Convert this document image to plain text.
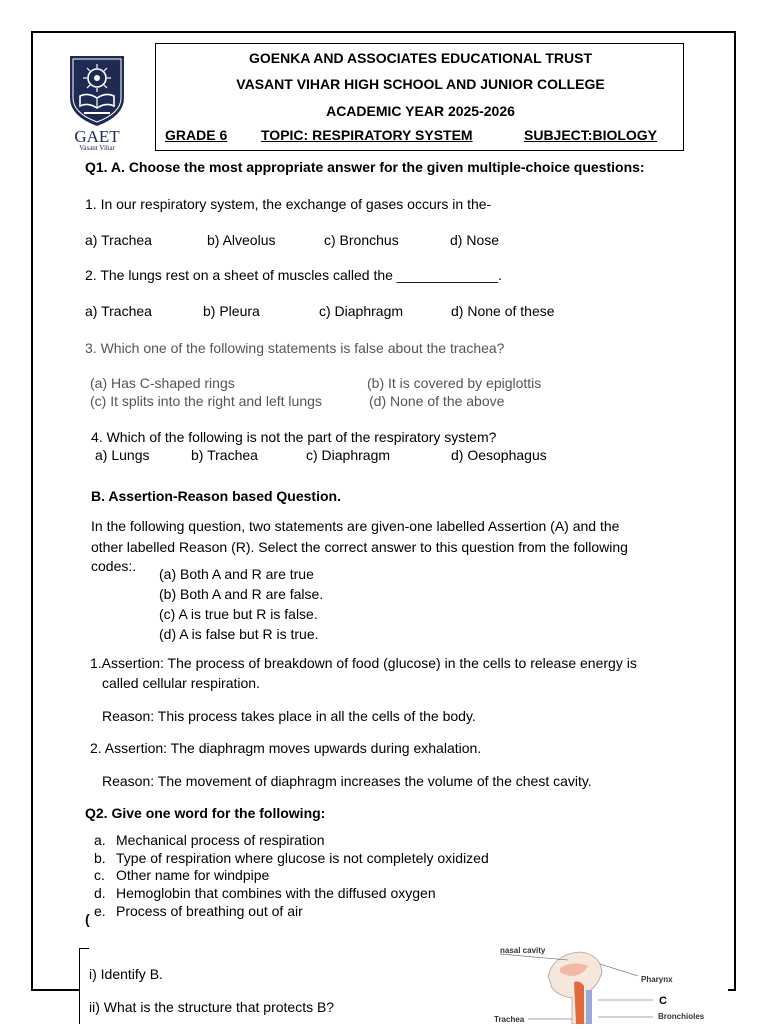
GAET
Vasant Vihar
GOENKA AND ASSOCIATES EDUCATIONAL TRUST
VASANT VIHAR HIGH SCHOOL AND JUNIOR COLLEGE
ACADEMIC YEAR 2025-2026
GRADE 6 TOPIC: RESPIRATORY SYSTEM	SUBJECT:BIOLOGY
Q1. A. Choose the most appropriate answer for the given multiple-choice questions:
1. In our respiratory system, the exchange of gases occurs in the-
a) Trachea	b) Alveolus	c) Bronchus	d) Nose
2. The lungs rest on a sheet of muscles called the _____________.
a) Trachea	b) Pleura	c) Diaphragm	d) None of these
3. Which one of the following statements is false about the trachea?
(a) Has C-shaped rings	(b) It is covered by epiglottis
(c) It splits into the right and left lungs	(d) None of the above
4. Which of the following is not the part of the respiratory system?
a) Lungs	b) Trachea	c) Diaphragm	d) Oesophagus
B. Assertion-Reason based Question.
In the following question, two statements are given-one labelled Assertion (A) and the
other labelled Reason (R). Select the correct answer to this question from the following
codes:. (a) Both A and R are true
(b) Both A and R are false.
(c) A is true but R is false.
(d) A is false but R is true.
1.Assertion: The process of breakdown of food (glucose) in the cells to release energy is
called cellular respiration.
Reason: This process takes place in all the cells of the body.
2. Assertion: The diaphragm moves upwards during exhalation.
Reason: The movement of diaphragm increases the volume of the chest cavity.
Q2. Give one word for the following:
a. Mechanical process of respiration
b. Type of respiration where glucose is not completely oxidized
c. Other name for windpipe
d. Hemoglobin that combines with the diffused oxygen
e. Process of breathing out of air
(
i) Identify B.
ii) What is the structure that protects B?
nasal cavity
Pharynx
C
Bronchioles
Trachea
